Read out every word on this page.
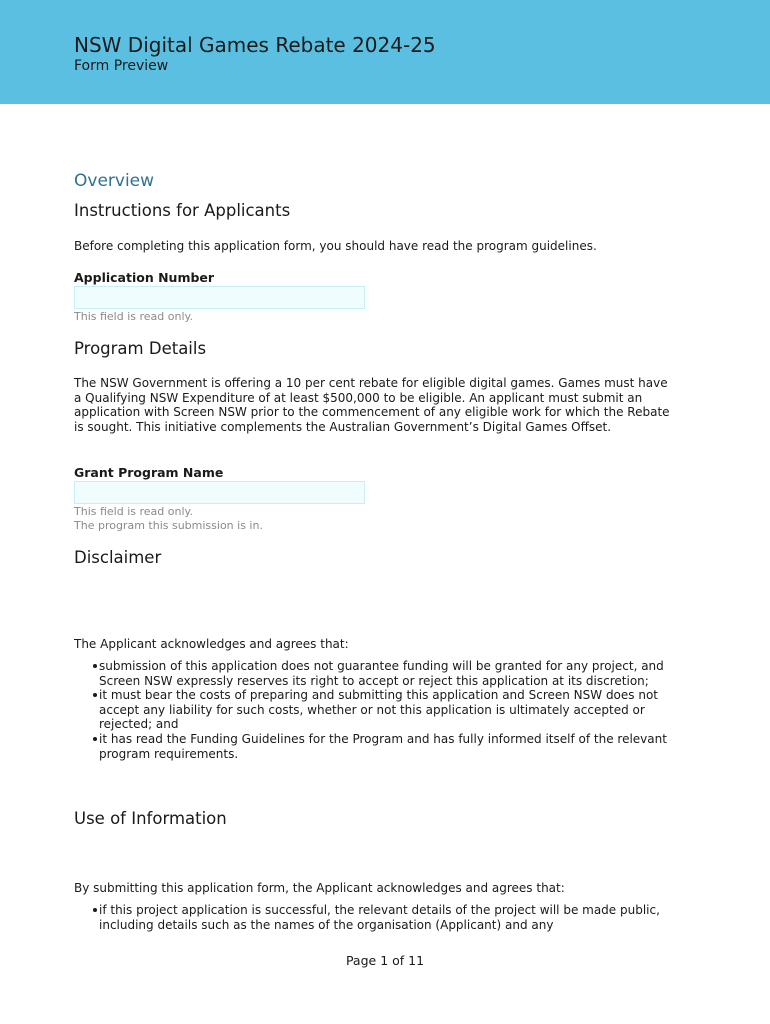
NSW Digital Games Rebate 2024-25
Form Preview
Overview
Instructions for Applicants
Before completing this application form, you should have read the program guidelines.
Application Number
This field is read only.
Program Details
The NSW Government is offering a 10 per cent rebate for eligible digital games. Games must have a Qualifying NSW Expenditure of at least $500,000 to be eligible. An applicant must submit an application with Screen NSW prior to the commencement of any eligible work for which the Rebate is sought. This initiative complements the Australian Government’s Digital Games Offset.
Grant Program Name
This field is read only.
The program this submission is in.
Disclaimer
The Applicant acknowledges and agrees that:
submission of this application does not guarantee funding will be granted for any project, and Screen NSW expressly reserves its right to accept or reject this application at its discretion;
it must bear the costs of preparing and submitting this application and Screen NSW does not accept any liability for such costs, whether or not this application is ultimately accepted or rejected; and
it has read the Funding Guidelines for the Program and has fully informed itself of the relevant program requirements.
Use of Information
By submitting this application form, the Applicant acknowledges and agrees that:
if this project application is successful, the relevant details of the project will be made public, including details such as the names of the organisation (Applicant) and any
Page 1 of 11
